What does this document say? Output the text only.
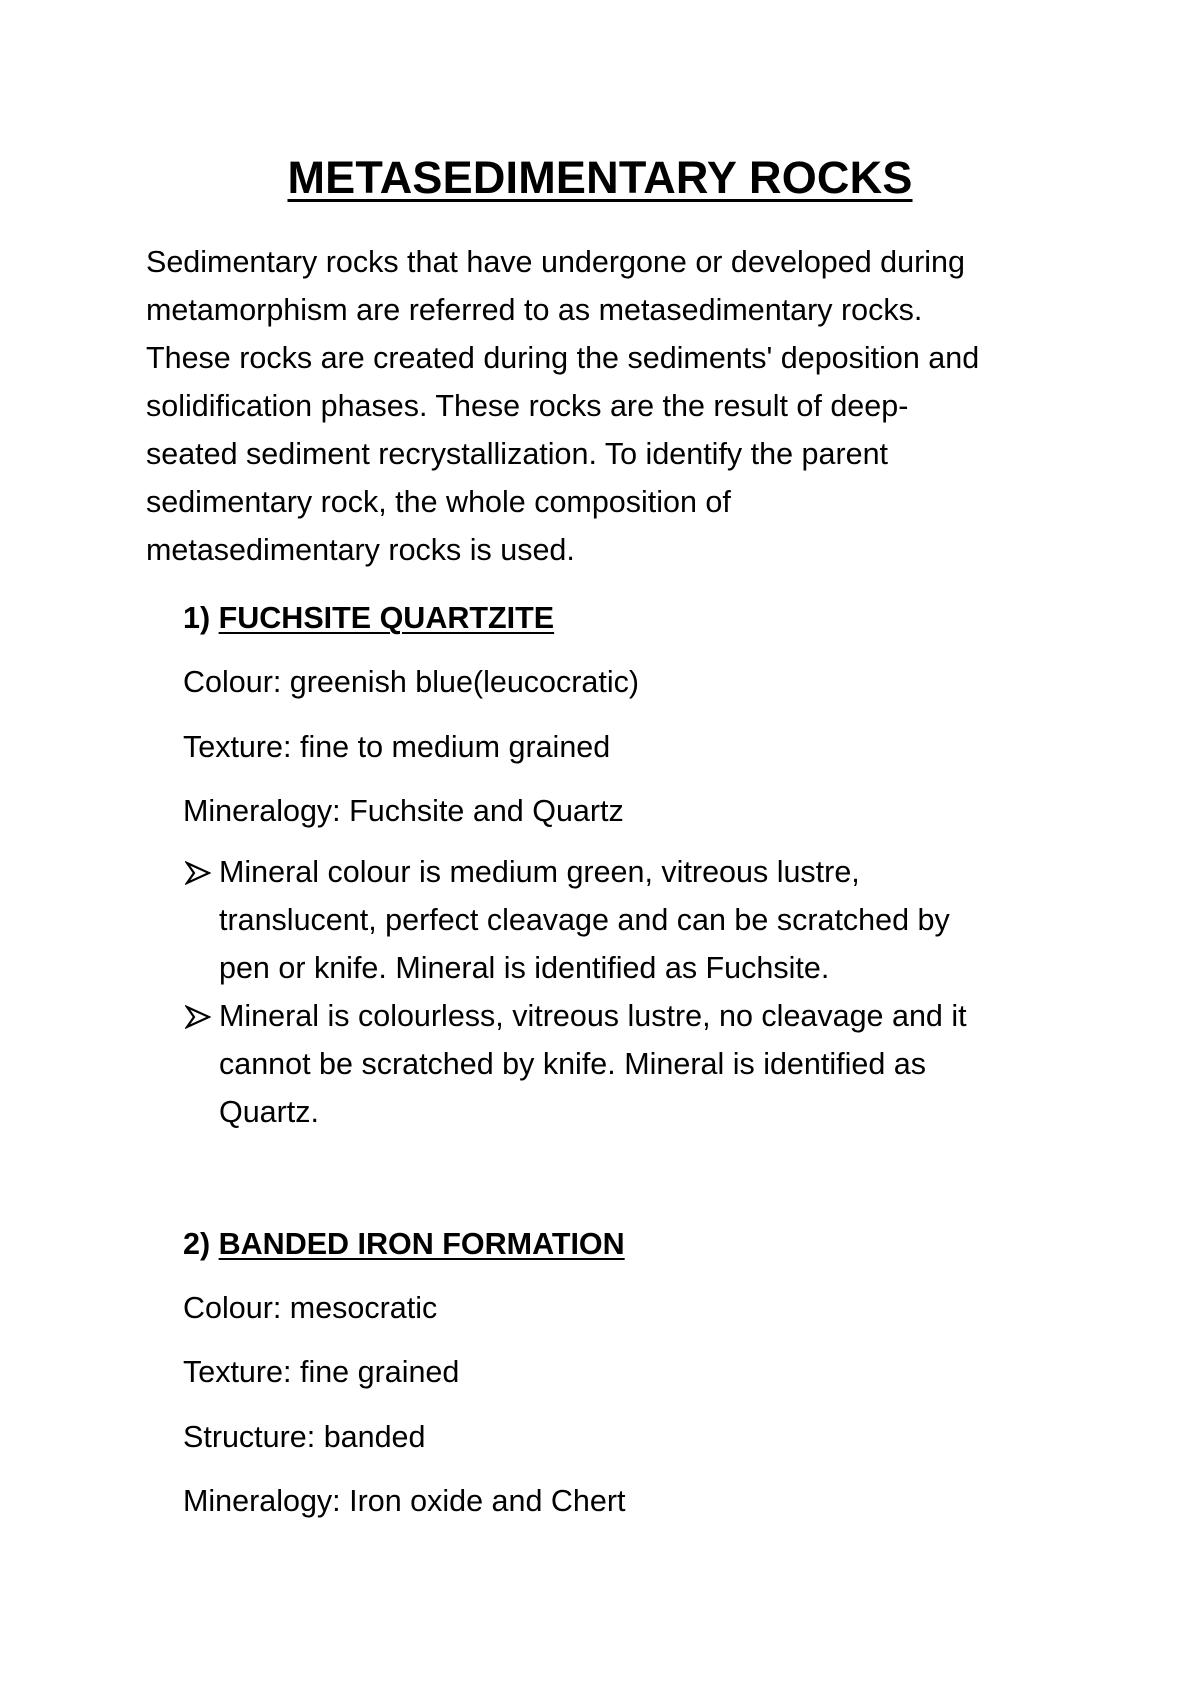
METASEDIMENTARY ROCKS

Sedimentary rocks that have undergone or developed during
metamorphism are referred to as metasedimentary rocks.
These rocks are created during the sediments' deposition and
solidification phases. These rocks are the result of deep-
seated sediment recrystallization. To identify the parent
sedimentary rock, the whole composition of
metasedimentary rocks is used.

1) FUCHSITE QUARTZITE

Colour: greenish blue(leucocratic)

Texture: fine to medium grained

Mineralogy: Fuchsite and Quartz

Mineral colour is medium green, vitreous lustre,
translucent, perfect cleavage and can be scratched by
pen or knife. Mineral is identified as Fuchsite.
Mineral is colourless, vitreous lustre, no cleavage and it
cannot be scratched by knife. Mineral is identified as
Quartz.

2) BANDED IRON FORMATION

Colour: mesocratic

Texture: fine grained

Structure: banded

Mineralogy: Iron oxide and Chert
